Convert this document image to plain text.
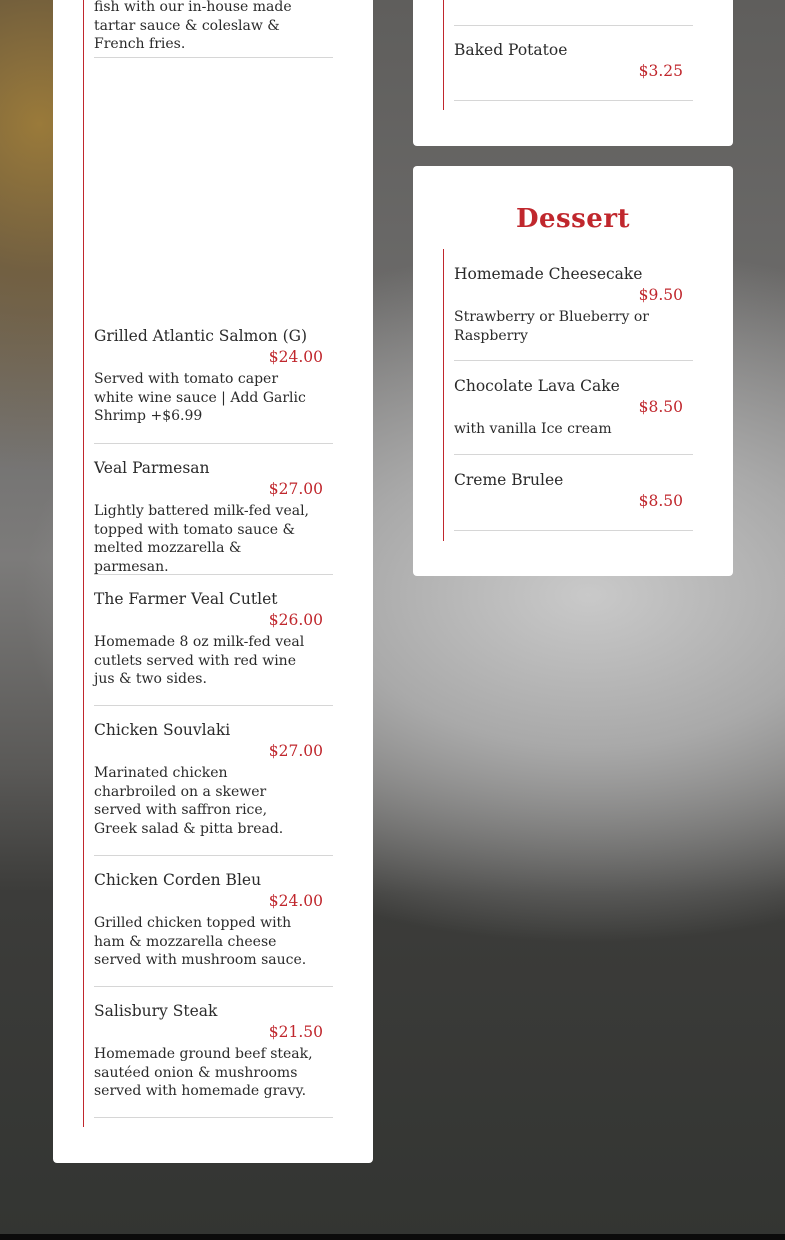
fish with our in-house made
tartar sauce & coleslaw &
French fries.
Grilled Atlantic Salmon (G)
$24.00
Served with tomato caper white wine sauce | Add Garlic Shrimp +$6.99
Veal Parmesan
$27.00
Lightly battered milk-fed veal, topped with tomato sauce & melted mozzarella & parmesan.
The Farmer Veal Cutlet
$26.00
Homemade 8 oz milk-fed veal cutlets served with red wine jus & two sides.
Chicken Souvlaki
$27.00
Marinated chicken charbroiled on a skewer served with saffron rice, Greek salad & pitta bread.
Chicken Corden Bleu
$24.00
Grilled chicken topped with ham & mozzarella cheese served with mushroom sauce.
Salisbury Steak
$21.50
Homemade ground beef steak, sautéed onion & mushrooms served with homemade gravy.
Baked Potatoe
$3.25
Dessert
Homemade Cheesecake
$9.50
Strawberry or Blueberry or Raspberry
Chocolate Lava Cake
$8.50
with vanilla Ice cream
Creme Brulee
$8.50
